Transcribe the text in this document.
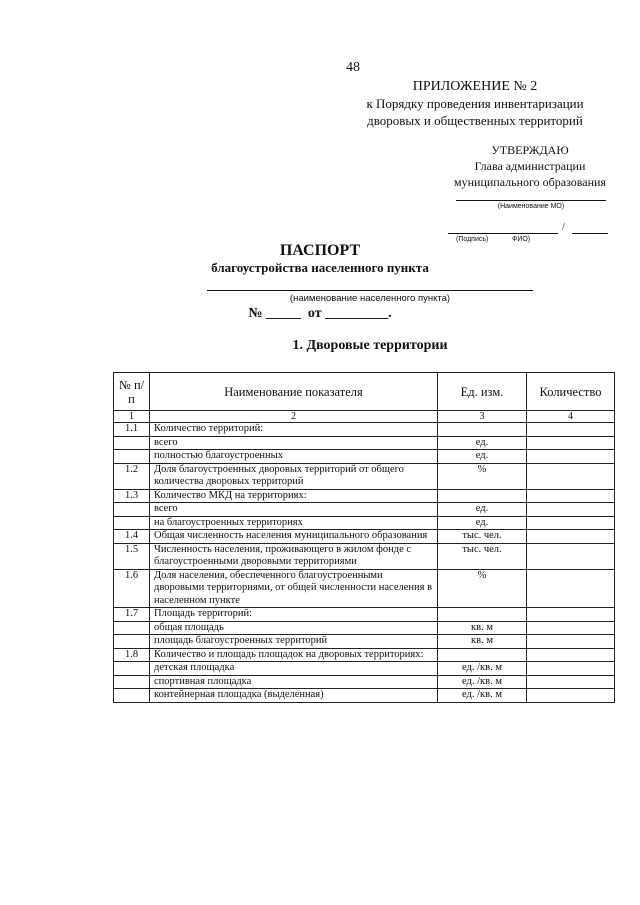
48
ПРИЛОЖЕНИЕ № 2
к Порядку проведения инвентаризации
дворовых и общественных территорий
УТВЕРЖДАЮ
Глава администрации
муниципального образования
(Наименование МО)
/
(Подпись)	ФИО)
ПАСПОРТ
благоустройства населенного пункта
(наименование населенного пункта)
№ _____  от _________.
1. Дворовые территории
№ п/п	Наименование показателя	Ед. изм.	Количество
1	2	3	4
1.1	Количество территорий:		
	всего	ед.	
	полностью благоустроенных	ед.	
1.2	Доля благоустроенных дворовых территорий от общего количества дворовых территорий	%	
1.3	Количество МКД на территориях:		
	всего	ед.	
	на благоустроенных территориях	ед.	
1.4	Общая численность населения муниципального образования	тыс. чел.	
1.5	Численность населения, проживающего в жилом фонде с благоустроенными дворовыми территориями	тыс. чел.	
1.6	Доля населения, обеспеченного благоустроенными дворовыми территориями, от общей численности населения в населенном пункте	%	
1.7	Площадь территорий:		
	общая площадь	кв. м	
	площадь благоустроенных территорий	кв. м	
1.8	Количество и площадь площадок на дворовых территориях:		
	детская площадка	ед. /кв. м	
	спортивная площадка	ед. /кв. м	
	контейнерная площадка (выделенная)	ед. /кв. м	
